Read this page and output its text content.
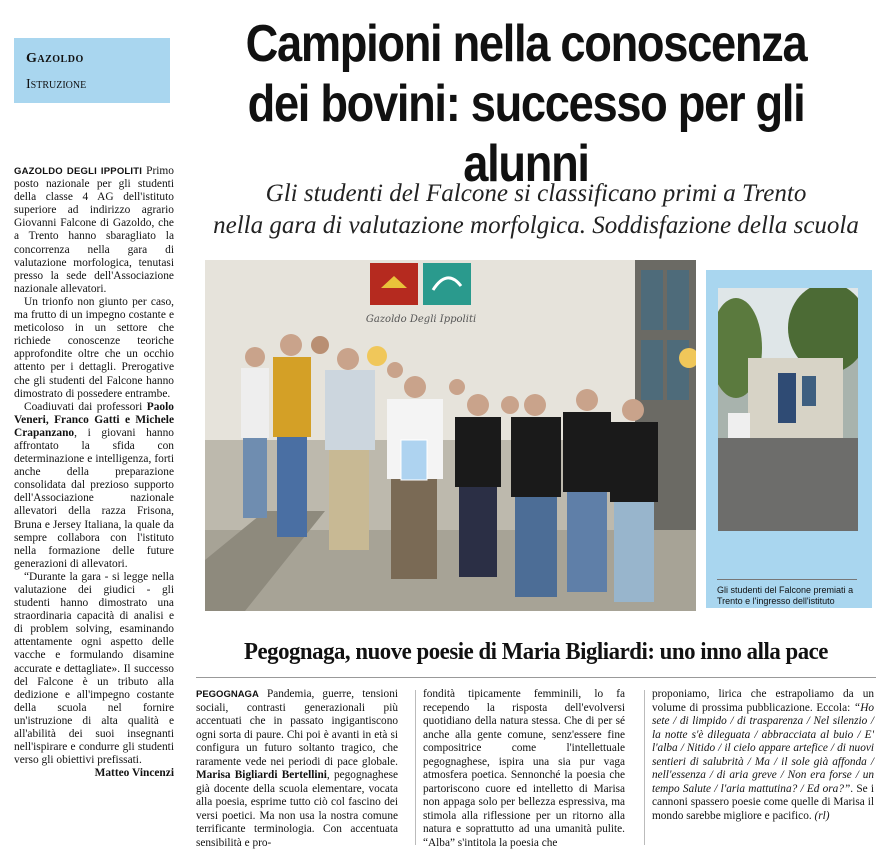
Gazoldo
Istruzione
Campioni nella conoscenza
dei bovini: successo per gli alunni
Gli studenti del Falcone si classificano primi a Trento
nella gara di valutazione morfolgica. Soddisfazione della scuola

GAZOLDO DEGLI IPPOLITI Primo posto nazionale per gli studenti della classe 4 AG dell'istituto superiore ad indirizzo agrario Giovanni Falcone di Gazoldo, che a Trento hanno sbaragliato la concorrenza nella gara di valutazione morfologica, tenutasi presso la sede dell'Associazione nazionale allevatori.

Un trionfo non giunto per caso, ma frutto di un impegno costante e meticoloso in un settore che richiede conoscenze teoriche approfondite oltre che un occhio attento per i dettagli. Prerogative che gli studenti del Falcone hanno dimostrato di possedere entrambe.

Coadiuvati dai professori Paolo Veneri, Franco Gatti e Michele Crapanzano, i giovani hanno affrontato la sfida con determinazione e intelligenza, forti anche della preparazione consolidata dal prezioso supporto dell'Associazione nazionale allevatori della razza Frisona, Bruna e Jersey Italiana, la quale da sempre collabora con l'istituto nella formazione delle future generazioni di allevatori.

“Durante la gara - si legge nella valutazione dei giudici - gli studenti hanno dimostrato una straordinaria capacità di analisi e di problem solving, esaminando attentamente ogni aspetto delle vacche e formulando disamine accurate e dettagliate». Il successo del Falcone è un tributo alla dedizione e all'impegno costante della scuola nel fornire un'istruzione di alta qualità e all'abilità dei suoi insegnanti nell'ispirare e condurre gli studenti verso gli obiettivi prefissati.

Matteo Vincenzi

Gazoldo Degli Ippoliti
Gli studenti del Falcone premiati a Trento e l'ingresso dell'istituto
Pegognaga, nuove poesie di Maria Bigliardi: uno inno alla pace
PEGOGNAGA Pandemia, guerre, tensioni sociali, contrasti generazionali più accentuati che in passato ingigantiscono ogni sorta di paure. Chi poi è avanti in età si configura un futuro soltanto tragico, che raramente vede nei periodi di pace globale. Marisa Bigliardi Bertellini, pegognaghese già docente della scuola elementare, vocata alla poesia, esprime tutto ciò col fascino dei versi poetici. Ma non usa la nostra comune terrificante terminologia. Con accentuata sensibilità e pro-
fondità tipicamente femminili, lo fa recependo la risposta dell'evolversi quotidiano della natura stessa. Che di per sé anche alla gente comune, senz'essere fine compositrice come l'intellettuale pegognaghese, ispira una sia pur vaga atmosfera poetica. Sennonché la poesia che partoriscono cuore ed intelletto di Marisa non appaga solo per bellezza espressiva, ma stimola alla riflessione per un ritorno alla natura e soprattutto ad una umanità pulite. “Alba” s'intitola la poesia che
proponiamo, lirica che estrapoliamo da un volume di prossima pubblicazione. Eccola: “Ho sete / di limpido / di trasparenza / Nel silenzio / la notte s'è dileguata / abbracciata al buio / E' l'alba / Nitido / il cielo appare artefice / di nuovi sentieri di salubrità / Ma / il sole già affonda / nell'essenza / di aria greve / Non era forse / un tempo Salute / l'aria mattutina? / Ed ora?”. Se i cannoni spassero poesie come quelle di Marisa il mondo sarebbe migliore e pacifico. (rl)
